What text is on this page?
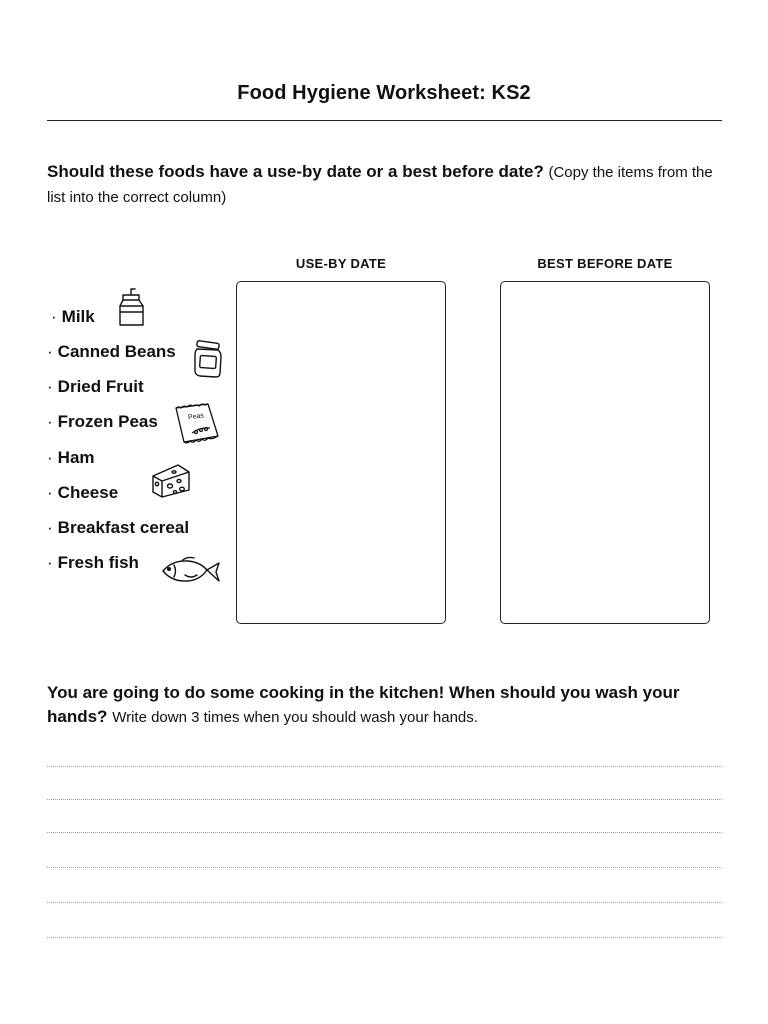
Food Hygiene Worksheet: KS2
Should these foods have a use-by date or a best before date? (Copy the items from the list into the correct column)
USE-BY DATE	BEST BEFORE DATE
· Milk
· Canned Beans
· Dried Fruit
· Frozen Peas
· Ham
· Cheese
· Breakfast cereal
· Fresh fish
Peas
You are going to do some cooking in the kitchen! When should you wash your hands? Write down 3 times when you should wash your hands.
